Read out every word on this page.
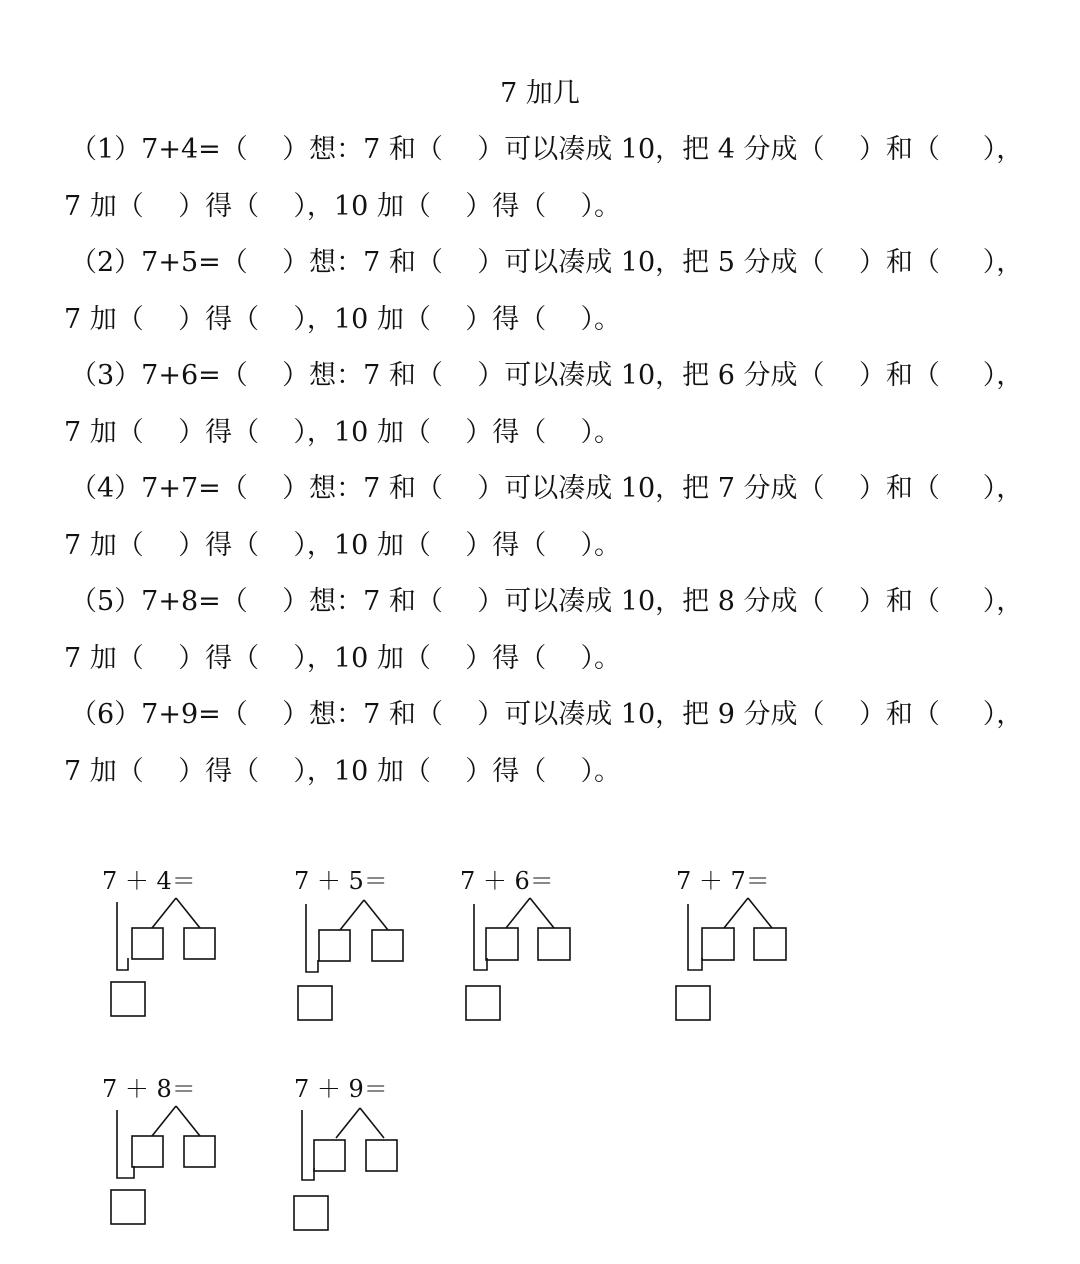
7 加几
（1）7+4=（    ）想：7 和（    ）可以凑成 10，把 4 分成（    ）和（     ），
7 加（    ）得（    ），10 加（    ）得（    ）。
（2）7+5=（    ）想：7 和（    ）可以凑成 10，把 5 分成（    ）和（     ），
7 加（    ）得（    ），10 加（    ）得（    ）。
（3）7+6=（    ）想：7 和（    ）可以凑成 10，把 6 分成（    ）和（     ），
7 加（    ）得（    ），10 加（    ）得（    ）。
（4）7+7=（    ）想：7 和（    ）可以凑成 10，把 7 分成（    ）和（     ），
7 加（    ）得（    ），10 加（    ）得（    ）。
（5）7+8=（    ）想：7 和（    ）可以凑成 10，把 8 分成（    ）和（     ），
7 加（    ）得（    ），10 加（    ）得（    ）。
（6）7+9=（    ）想：7 和（    ）可以凑成 10，把 9 分成（    ）和（     ），
7 加（    ）得（    ），10 加（    ）得（    ）。
7 ＋ 4＝	7 ＋ 5＝	7 ＋ 6＝	7 ＋ 7＝
7 ＋ 8＝	7 ＋ 9＝
